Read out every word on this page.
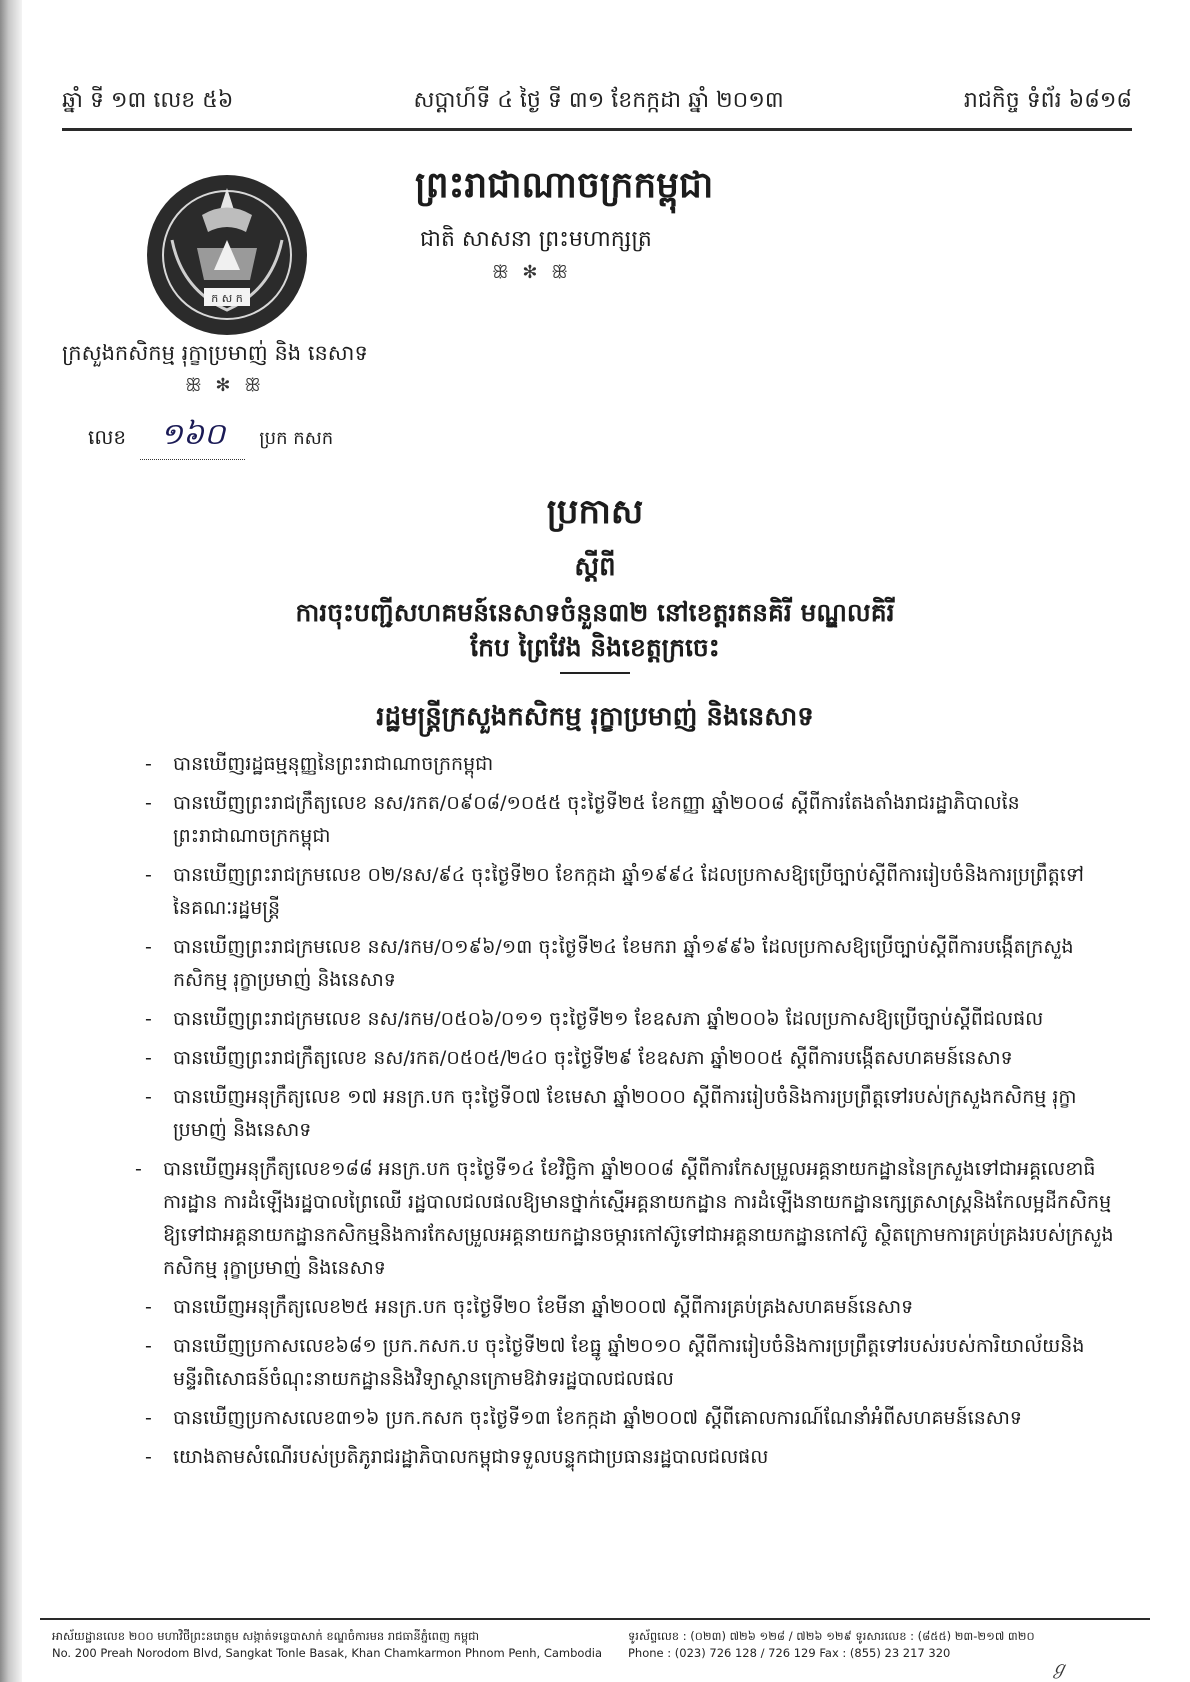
ឆ្នាំ ទី ១៣ លេខ ៥៦	សប្តាហ៍ទី ៤ ថ្ងៃ ទី ៣១ ខែកក្កដា ឆ្នាំ ២០១៣	រាជកិច្ច ទំព័រ ៦៨១៨
ក ស ក
ព្រះរាជាណាចក្រកម្ពុជា
ជាតិ សាសនា ព្រះមហាក្សត្រ
ꕥ ✻ ꕥ
ក្រសួងកសិកម្ម រុក្ខាប្រមាញ់ និង នេសាទ
ꕥ ✻ ꕥ
លេខ	១៦០	ប្រក កសក
ប្រកាស
ស្តីពី
ការចុះបញ្ជីសហគមន៍នេសាទចំនួន៣២ នៅខេត្តរតនគិរី មណ្ឌលគិរី
កែប ព្រៃវែង និងខេត្តក្រចេះ
រដ្ឋមន្ត្រីក្រសួងកសិកម្ម រុក្ខាប្រមាញ់ និងនេសាទ
- បានឃើញរដ្ឋធម្មនុញ្ញនៃព្រះរាជាណាចក្រកម្ពុជា
- បានឃើញព្រះរាជក្រឹត្យលេខ នស/រកត/០៩០៨/១០៥៥ ចុះថ្ងៃទី២៥ ខែកញ្ញា ឆ្នាំ២០០៨ ស្តីពីការតែងតាំងរាជរដ្ឋាភិបាលនៃព្រះរាជាណាចក្រកម្ពុជា
- បានឃើញព្រះរាជក្រមលេខ ០២/នស/៩៤ ចុះថ្ងៃទី២០ ខែកក្កដា ឆ្នាំ១៩៩៤ ដែលប្រកាសឱ្យប្រើច្បាប់ស្តីពីការរៀបចំនិងការប្រព្រឹត្តទៅនៃគណៈរដ្ឋមន្ត្រី
- បានឃើញព្រះរាជក្រមលេខ នស/រកម/០១៩៦/១៣ ចុះថ្ងៃទី២៤ ខែមករា ឆ្នាំ១៩៩៦ ដែលប្រកាសឱ្យប្រើច្បាប់ស្តីពីការបង្កើតក្រសួងកសិកម្ម រុក្ខាប្រមាញ់ និងនេសាទ
- បានឃើញព្រះរាជក្រមលេខ នស/រកម/០៥០៦/០១១ ចុះថ្ងៃទី២១ ខែឧសភា ឆ្នាំ២០០៦ ដែលប្រកាសឱ្យប្រើច្បាប់ស្តីពីជលផល
- បានឃើញព្រះរាជក្រឹត្យលេខ នស/រកត/០៥០៥/២៤០ ចុះថ្ងៃទី២៩ ខែឧសភា ឆ្នាំ២០០៥ ស្តីពីការបង្កើតសហគមន៍នេសាទ
- បានឃើញអនុក្រឹត្យលេខ ១៧ អនក្រ.បក ចុះថ្ងៃទី០៧ ខែមេសា ឆ្នាំ២០០០ ស្តីពីការរៀបចំនិងការប្រព្រឹត្តទៅរបស់ក្រសួងកសិកម្ម រុក្ខាប្រមាញ់ និងនេសាទ
- បានឃើញអនុក្រឹត្យលេខ១៨៨ អនក្រ.បក ចុះថ្ងៃទី១៤ ខែវិច្ឆិកា ឆ្នាំ២០០៨ ស្តីពីការកែសម្រួលអគ្គនាយកដ្ឋាននៃក្រសួងទៅជាអគ្គលេខាធិការដ្ឋាន ការដំឡើងរដ្ឋបាលព្រៃឈើ រដ្ឋបាលជលផលឱ្យមានថ្នាក់ស្មើអគ្គនាយកដ្ឋាន ការដំឡើងនាយកដ្ឋានក្សេត្រសាស្ត្រនិងកែលម្អដីកសិកម្មឱ្យទៅជាអគ្គនាយកដ្ឋានកសិកម្មនិងការកែសម្រួលអគ្គនាយកដ្ឋានចម្ការកៅស៊ូទៅជាអគ្គនាយកដ្ឋានកៅស៊ូ ស្ថិតក្រោមការគ្រប់គ្រងរបស់ក្រសួងកសិកម្ម រុក្ខាប្រមាញ់ និងនេសាទ
- បានឃើញអនុក្រឹត្យលេខ២៥ អនក្រ.បក ចុះថ្ងៃទី២០ ខែមីនា ឆ្នាំ២០០៧ ស្តីពីការគ្រប់គ្រងសហគមន៍នេសាទ
- បានឃើញប្រកាសលេខ៦៨១ ប្រក.កសក.ប ចុះថ្ងៃទី២៧ ខែធ្នូ ឆ្នាំ២០១០ ស្តីពីការរៀបចំនិងការប្រព្រឹត្តទៅរបស់របស់ការិយាល័យនិងមន្ទីរពិសោធន៍ចំណុះនាយកដ្ឋាននិងវិទ្យាស្ថានក្រោមឱវាទរដ្ឋបាលជលផល
- បានឃើញប្រកាសលេខ៣១៦ ប្រក.កសក ចុះថ្ងៃទី១៣ ខែកក្កដា ឆ្នាំ២០០៧ ស្តីពីគោលការណ៍ណែនាំអំពីសហគមន៍នេសាទ
- យោងតាមសំណើរបស់ប្រតិភូរាជរដ្ឋាភិបាលកម្ពុជាទទួលបន្ទុកជាប្រធានរដ្ឋបាលជលផល
អាស័យដ្ឋានលេខ ២០០ មហាវិថីព្រះនរោត្តម សង្កាត់ទន្លេបាសាក់ ខណ្ឌចំការមន រាជធានីភ្នំពេញ កម្ពុជា
No. 200 Preah Norodom Blvd, Sangkat Tonle Basak, Khan Chamkarmon Phnom Penh, Cambodia
ទូរស័ព្ទលេខ : (០២៣) ៧២៦ ១២៨ / ៧២៦ ១២៩ ទូរសារលេខ : (៨៥៥) ២៣-២១៧ ៣២០
Phone : (023) 726 128 / 726 129 Fax : (855) 23 217 320
ℊ
